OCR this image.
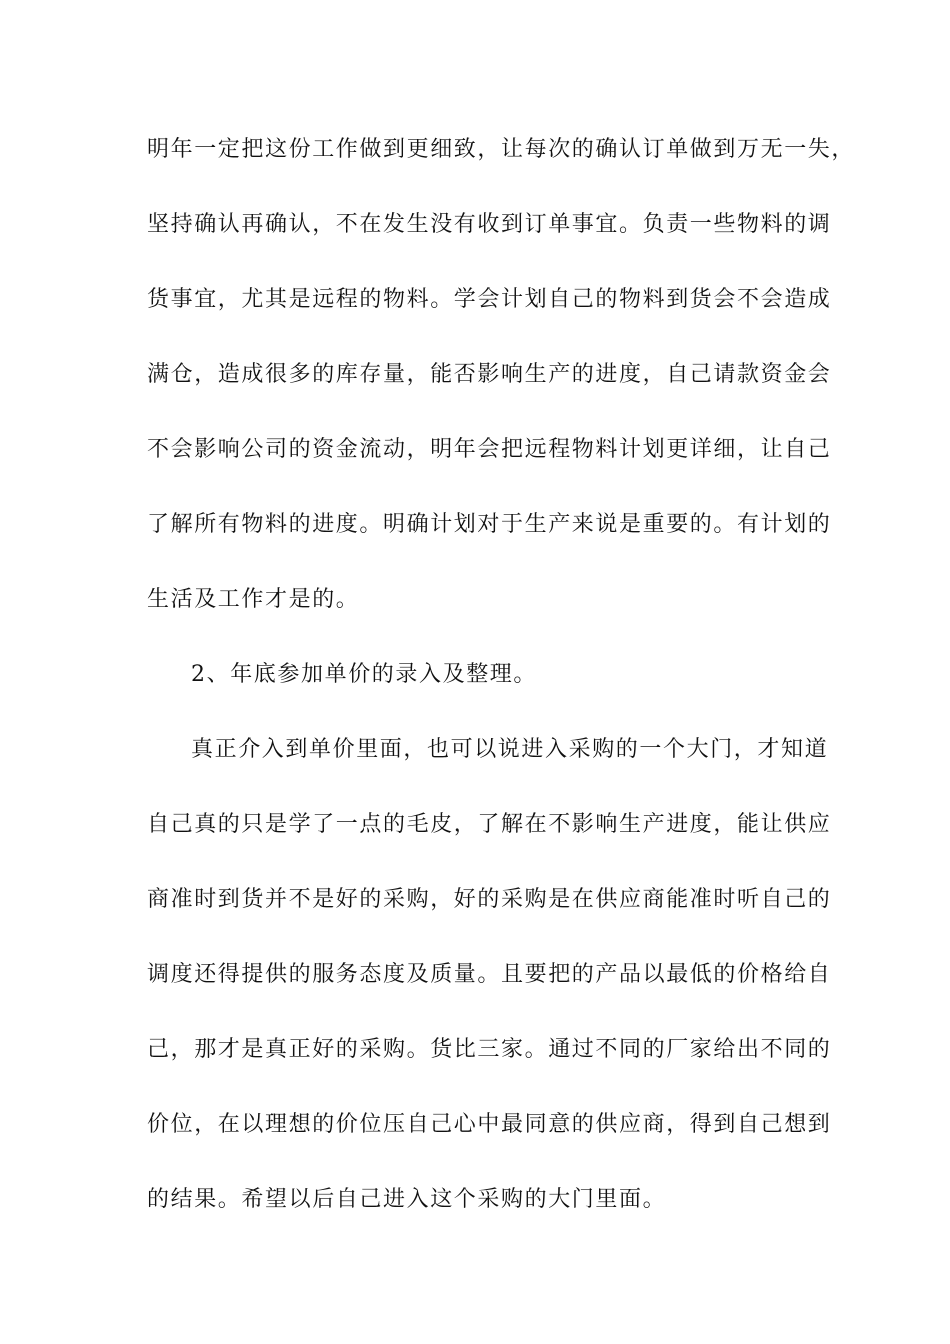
明年一定把这份工作做到更细致，让每次的确认订单做到万无一失，
坚持确认再确认，不在发生没有收到订单事宜。负责一些物料的调
货事宜，尤其是远程的物料。学会计划自己的物料到货会不会造成
满仓，造成很多的库存量，能否影响生产的进度，自己请款资金会
不会影响公司的资金流动，明年会把远程物料计划更详细，让自己
了解所有物料的进度。明确计划对于生产来说是重要的。有计划的
生活及工作才是的。
2、年底参加单价的录入及整理。
真正介入到单价里面，也可以说进入采购的一个大门，才知道
自己真的只是学了一点的毛皮，了解在不影响生产进度，能让供应
商准时到货并不是好的采购，好的采购是在供应商能准时听自己的
调度还得提供的服务态度及质量。且要把的产品以最低的价格给自
己，那才是真正好的采购。货比三家。通过不同的厂家给出不同的
价位，在以理想的价位压自己心中最同意的供应商，得到自己想到
的结果。希望以后自己进入这个采购的大门里面。
